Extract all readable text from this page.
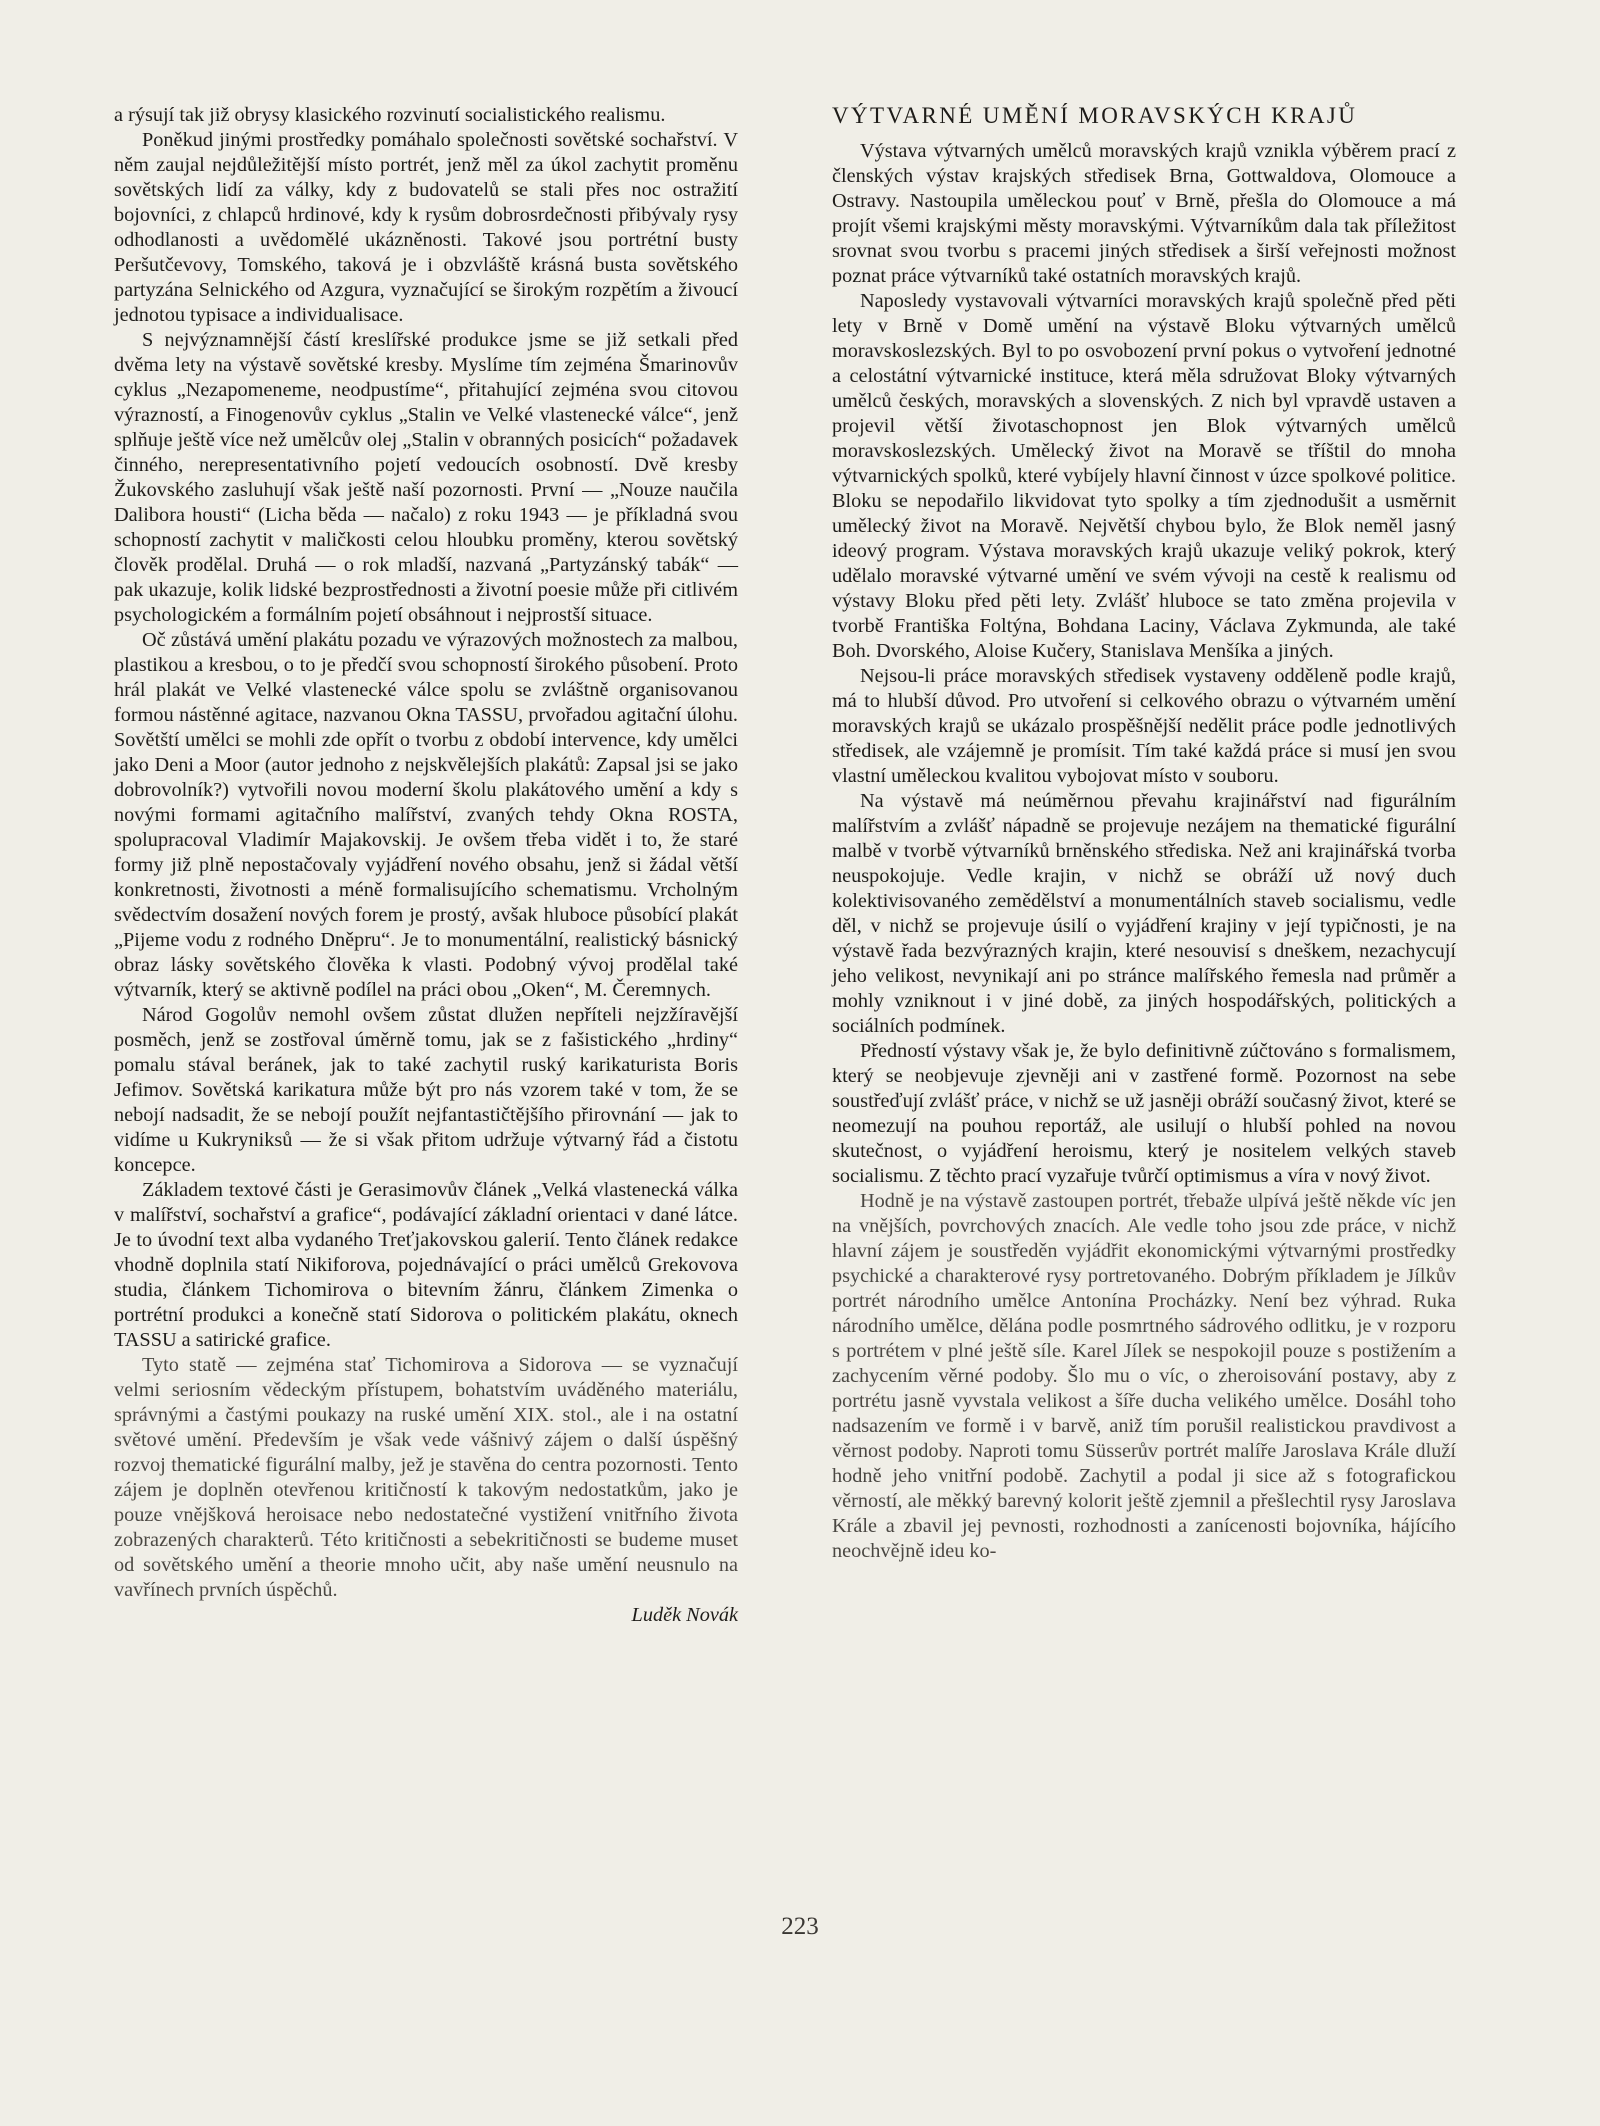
a rýsují tak již obrysy klasického rozvinutí socialistického realismu.

Poněkud jinými prostředky pomáhalo společnosti sovětské sochařství. V něm zaujal nejdůležitější místo portrét, jenž měl za úkol zachytit proměnu sovětských lidí za války, kdy z budovatelů se stali přes noc ostražití bojovníci, z chlapců hrdinové, kdy k rysům dobrosrdečnosti přibývaly rysy odhodlanosti a uvědomělé ukázněnosti. Takové jsou portrétní busty Peršutčevovy, Tomského, taková je i obzvláště krásná busta sovětského partyzána Selnického od Azgura, vyznačující se širokým rozpětím a živoucí jednotou typisace a individualisace.

S nejvýznamnější částí kreslířské produkce jsme se již setkali před dvěma lety na výstavě sovětské kresby. Myslíme tím zejména Šmarinovův cyklus „Nezapomeneme, neodpustíme“, přitahující zejména svou citovou výrazností, a Finogenovův cyklus „Stalin ve Velké vlastenecké válce“, jenž splňuje ještě více než umělcův olej „Stalin v obranných posicích“ požadavek činného, nerepresentativního pojetí vedoucích osobností. Dvě kresby Žukovského zasluhují však ještě naší pozornosti. První — „Nouze naučila Dalibora housti“ (Licha běda — načalo) z roku 1943 — je příkladná svou schopností zachytit v maličkosti celou hloubku proměny, kterou sovětský člověk prodělal. Druhá — o rok mladší, nazvaná „Partyzánský tabák“ — pak ukazuje, kolik lidské bezprostřednosti a životní poesie může při citlivém psychologickém a formálním pojetí obsáhnout i nejprostší situace.

Oč zůstává umění plakátu pozadu ve výrazových možnostech za malbou, plastikou a kresbou, o to je předčí svou schopností širokého působení. Proto hrál plakát ve Velké vlastenecké válce spolu se zvláštně organisovanou formou nástěnné agitace, nazvanou Okna TASSU, prvořadou agitační úlohu. Sovětští umělci se mohli zde opřít o tvorbu z období intervence, kdy umělci jako Deni a Moor (autor jednoho z nejskvělejších plakátů: Zapsal jsi se jako dobrovolník?) vytvořili novou moderní školu plakátového umění a kdy s novými formami agitačního malířství, zvaných tehdy Okna ROSTA, spolupracoval Vladimír Majakovskij. Je ovšem třeba vidět i to, že staré formy již plně nepostačovaly vyjádření nového obsahu, jenž si žádal větší konkretnosti, životnosti a méně formalisujícího schematismu. Vrcholným svědectvím dosažení nových forem je prostý, avšak hluboce působící plakát „Pijeme vodu z rodného Dněpru“. Je to monumentální, realistický básnický obraz lásky sovětského člověka k vlasti. Podobný vývoj prodělal také výtvarník, který se aktivně podílel na práci obou „Oken“, M. Čeremnych.

Národ Gogolův nemohl ovšem zůstat dlužen nepříteli nejzžíravější posměch, jenž se zostřoval úměrně tomu, jak se z fašistického „hrdiny“ pomalu stával beránek, jak to také zachytil ruský karikaturista Boris Jefimov. Sovětská karikatura může být pro nás vzorem také v tom, že se nebojí nadsadit, že se nebojí použít nejfantastičtějšího přirovnání — jak to vidíme u Kukryniksů — že si však přitom udržuje výtvarný řád a čistotu koncepce.

Základem textové části je Gerasimovův článek „Velká vlastenecká válka v malířství, sochařství a grafice“, podávající základní orientaci v dané látce. Je to úvodní text alba vydaného Treťjakovskou galerií. Tento článek redakce vhodně doplnila statí Nikiforova, pojednávající o práci umělců Grekovova studia, článkem Tichomirova o bitevním žánru, článkem Zimenka o portrétní produkci a konečně statí Sidorova o politickém plakátu, oknech TASSU a satirické grafice.

Tyto statě — zejména stať Tichomirova a Sidorova — se vyznačují velmi seriosním vědeckým přístupem, bohatstvím uváděného materiálu, správnými a častými poukazy na ruské umění XIX. stol., ale i na ostatní světové umění. Především je však vede vášnivý zájem o další úspěšný rozvoj thematické figurální malby, jež je stavěna do centra pozornosti. Tento zájem je doplněn otevřenou kritičností k takovým nedostatkům, jako je pouze vnějšková heroisace nebo nedostatečné vystižení vnitřního života zobrazených charakterů. Této kritičnosti a sebekritičnosti se budeme muset od sovětského umění a theorie mnoho učit, aby naše umění neusnulo na vavřínech prvních úspěchů.

Luděk Novák

VÝTVARNÉ UMĚNÍ MORAVSKÝCH KRAJŮ

Výstava výtvarných umělců moravských krajů vznikla výběrem prací z členských výstav krajských středisek Brna, Gottwaldova, Olomouce a Ostravy. Nastoupila uměleckou pouť v Brně, přešla do Olomouce a má projít všemi krajskými městy moravskými. Výtvarníkům dala tak příležitost srovnat svou tvorbu s pracemi jiných středisek a širší veřejnosti možnost poznat práce výtvarníků také ostatních moravských krajů.

Naposledy vystavovali výtvarníci moravských krajů společně před pěti lety v Brně v Domě umění na výstavě Bloku výtvarných umělců moravskoslezských. Byl to po osvobození první pokus o vytvoření jednotné a celostátní výtvarnické instituce, která měla sdružovat Bloky výtvarných umělců českých, moravských a slovenských. Z nich byl vpravdě ustaven a projevil větší životaschopnost jen Blok výtvarných umělců moravskoslezských. Umělecký život na Moravě se tříštil do mnoha výtvarnických spolků, které vybíjely hlavní činnost v úzce spolkové politice. Bloku se nepodařilo likvidovat tyto spolky a tím zjednodušit a usměrnit umělecký život na Moravě. Největší chybou bylo, že Blok neměl jasný ideový program. Výstava moravských krajů ukazuje veliký pokrok, který udělalo moravské výtvarné umění ve svém vývoji na cestě k realismu od výstavy Bloku před pěti lety. Zvlášť hluboce se tato změna projevila v tvorbě Františka Foltýna, Bohdana Laciny, Václava Zykmunda, ale také Boh. Dvorského, Aloise Kučery, Stanislava Menšíka a jiných.

Nejsou-li práce moravských středisek vystaveny odděleně podle krajů, má to hlubší důvod. Pro utvoření si celkového obrazu o výtvarném umění moravských krajů se ukázalo prospěšnější nedělit práce podle jednotlivých středisek, ale vzájemně je promísit. Tím také každá práce si musí jen svou vlastní uměleckou kvalitou vybojovat místo v souboru.

Na výstavě má neúměrnou převahu krajinářství nad figurálním malířstvím a zvlášť nápadně se projevuje nezájem na thematické figurální malbě v tvorbě výtvarníků brněnského střediska. Než ani krajinářská tvorba neuspokojuje. Vedle krajin, v nichž se obráží už nový duch kolektivisovaného zemědělství a monumentálních staveb socialismu, vedle děl, v nichž se projevuje úsilí o vyjádření krajiny v její typičnosti, je na výstavě řada bezvýrazných krajin, které nesouvisí s dneškem, nezachycují jeho velikost, nevynikají ani po stránce malířského řemesla nad průměr a mohly vzniknout i v jiné době, za jiných hospodářských, politických a sociálních podmínek.

Předností výstavy však je, že bylo definitivně zúčtováno s formalismem, který se neobjevuje zjevněji ani v zastřené formě. Pozornost na sebe soustřeďují zvlášť práce, v nichž se už jasněji obráží současný život, které se neomezují na pouhou reportáž, ale usilují o hlubší pohled na novou skutečnost, o vyjádření heroismu, který je nositelem velkých staveb socialismu. Z těchto prací vyzařuje tvůrčí optimismus a víra v nový život.

Hodně je na výstavě zastoupen portrét, třebaže ulpívá ještě někde víc jen na vnějších, povrchových znacích. Ale vedle toho jsou zde práce, v nichž hlavní zájem je soustředěn vyjádřit ekonomickými výtvarnými prostředky psychické a charakterové rysy portretovaného. Dobrým příkladem je Jílkův portrét národního umělce Antonína Procházky. Není bez výhrad. Ruka národního umělce, dělána podle posmrtného sádrového odlitku, je v rozporu s portrétem v plné ještě síle. Karel Jílek se nespokojil pouze s postižením a zachycením věrné podoby. Šlo mu o víc, o zheroisování postavy, aby z portrétu jasně vyvstala velikost a šíře ducha velikého umělce. Dosáhl toho nadsazením ve formě i v barvě, aniž tím porušil realistickou pravdivost a věrnost podoby. Naproti tomu Süsserův portrét malíře Jaroslava Krále dluží hodně jeho vnitřní podobě. Zachytil a podal ji sice až s fotografickou věrností, ale měkký barevný kolorit ještě zjemnil a přešlechtil rysy Jaroslava Krále a zbavil jej pevnosti, rozhodnosti a zanícenosti bojovníka, hájícího neochvějně ideu ko-

223
